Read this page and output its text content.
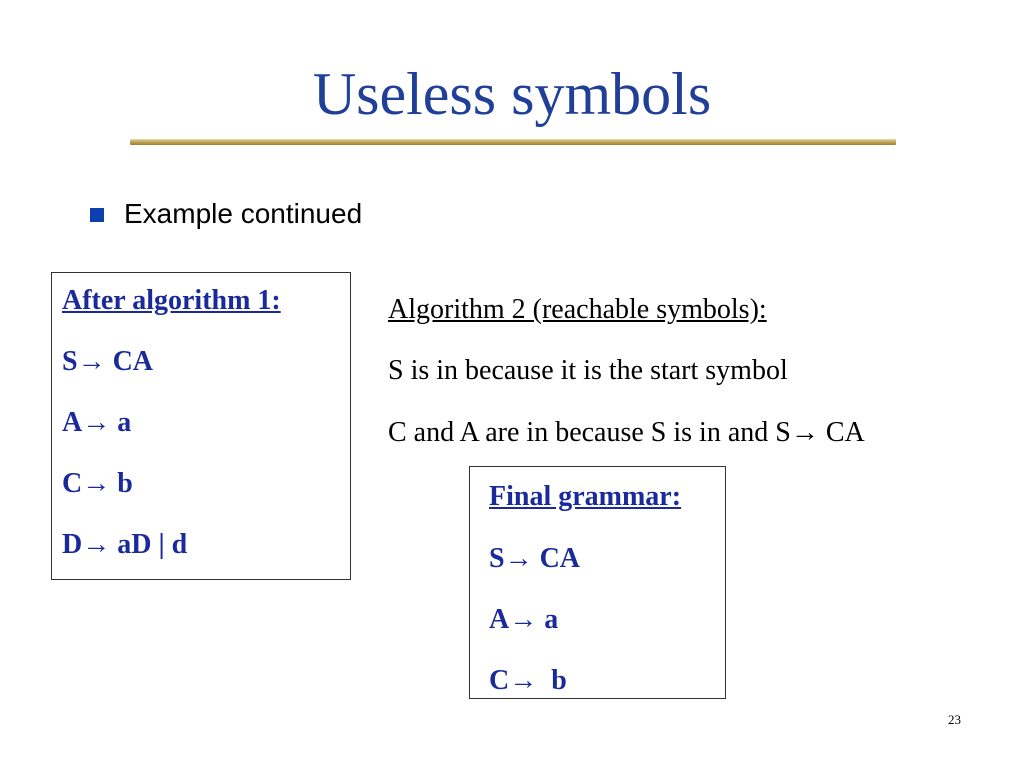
Useless symbols
Example continued
After algorithm 1:
S→ CA
A→ a
C→ b
D→ aD | d
Algorithm 2 (reachable symbols):
S is in because it is the start symbol
C and A are in because S is in and S→ CA
Final grammar:
S→ CA
A→ a
C→  b
23
